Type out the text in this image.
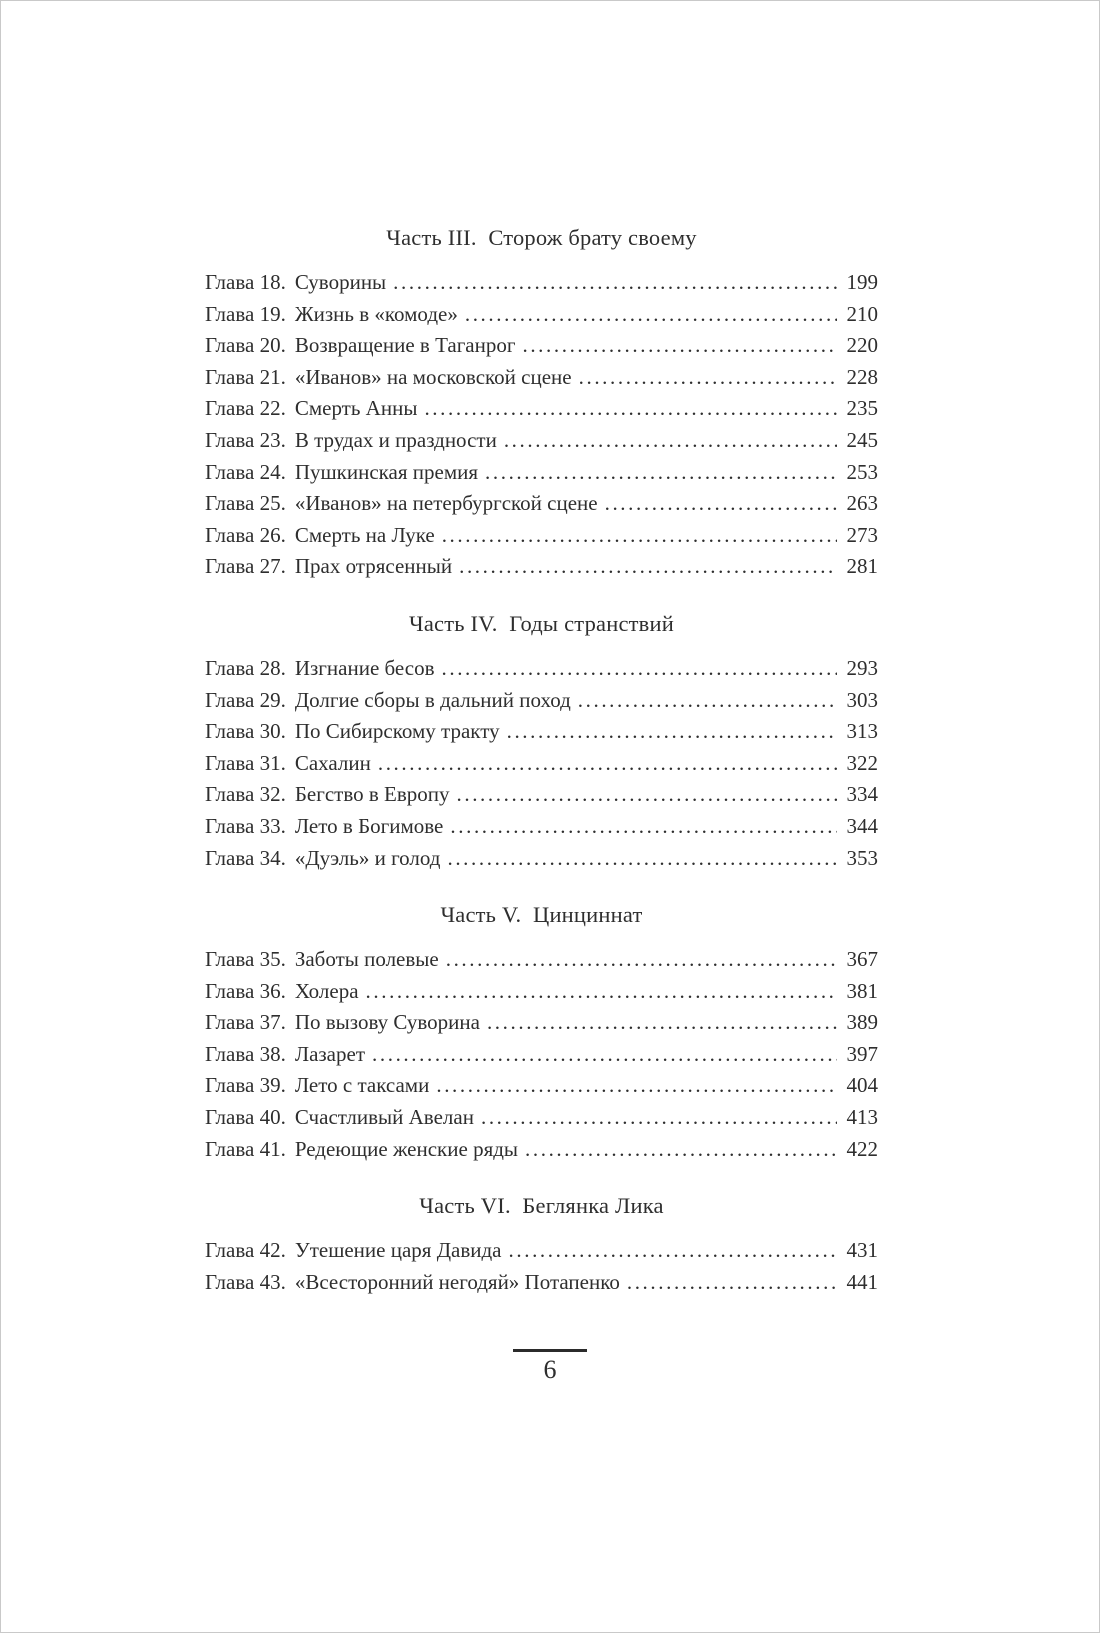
Часть III.  Сторож брату своему
Глава 18. Суворины .....	199
Глава 19. Жизнь в «комоде» .....	210
Глава 20. Возвращение в Таганрог .....	220
Глава 21. «Иванов» на московской сцене .....	228
Глава 22. Смерть Анны .....	235
Глава 23. В трудах и праздности .....	245
Глава 24. Пушкинская премия .....	253
Глава 25. «Иванов» на петербургской сцене .....	263
Глава 26. Смерть на Луке .....	273
Глава 27. Прах отрясенный .....	281
Часть IV.  Годы странствий
Глава 28. Изгнание бесов .....	293
Глава 29. Долгие сборы в дальний поход .....	303
Глава 30. По Сибирскому тракту .....	313
Глава 31. Сахалин .....	322
Глава 32. Бегство в Европу .....	334
Глава 33. Лето в Богимове .....	344
Глава 34. «Дуэль» и голод .....	353
Часть V.  Цинциннат
Глава 35. Заботы полевые .....	367
Глава 36. Холера .....	381
Глава 37. По вызову Суворина .....	389
Глава 38. Лазарет .....	397
Глава 39. Лето с таксами .....	404
Глава 40. Счастливый Авелан .....	413
Глава 41. Редеющие женские ряды .....	422
Часть VI.  Беглянка Лика
Глава 42. Утешение царя Давида .....	431
Глава 43. «Всесторонний негодяй» Потапенко .....	441
6
